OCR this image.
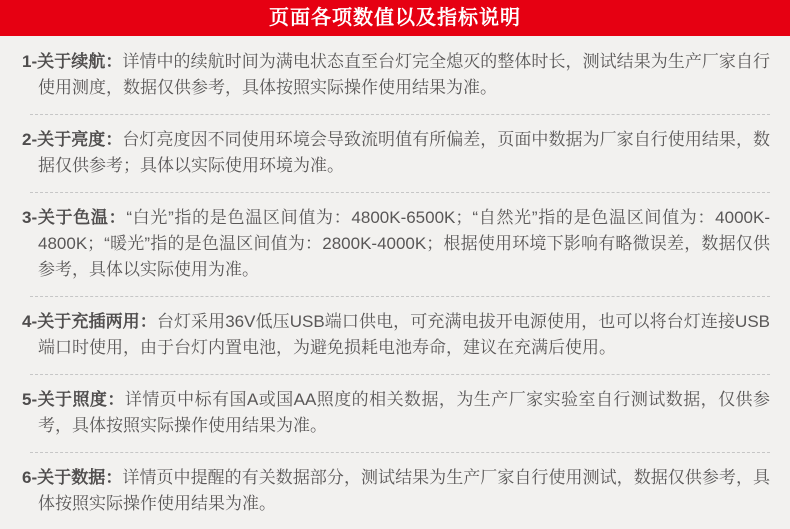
页面各项数值以及指标说明
1-关于续航：详情中的续航时间为满电状态直至台灯完全熄灭的整体时长，测试结果为生产厂家自行使用测度，数据仅供参考，具体按照实际操作使用结果为准。
2-关于亮度：台灯亮度因不同使用环境会导致流明值有所偏差，页面中数据为厂家自行使用结果，数据仅供参考；具体以实际使用环境为准。
3-关于色温：“白光”指的是色温区间值为：4800K-6500K；“自然光”指的是色温区间值为：4000K-4800K；“暖光”指的是色温区间值为：2800K-4000K；根据使用环境下影响有略微误差，数据仅供参考，具体以实际使用为准。
4-关于充插两用：台灯采用36V低压USB端口供电，可充满电拔开电源使用，也可以将台灯连接USB端口时使用，由于台灯内置电池，为避免损耗电池寿命，建议在充满后使用。
5-关于照度：详情页中标有国A或国AA照度的相关数据，为生产厂家实验室自行测试数据，仅供参考，具体按照实际操作使用结果为准。
6-关于数据：详情页中提醒的有关数据部分，测试结果为生产厂家自行使用测试，数据仅供参考，具体按照实际操作使用结果为准。
